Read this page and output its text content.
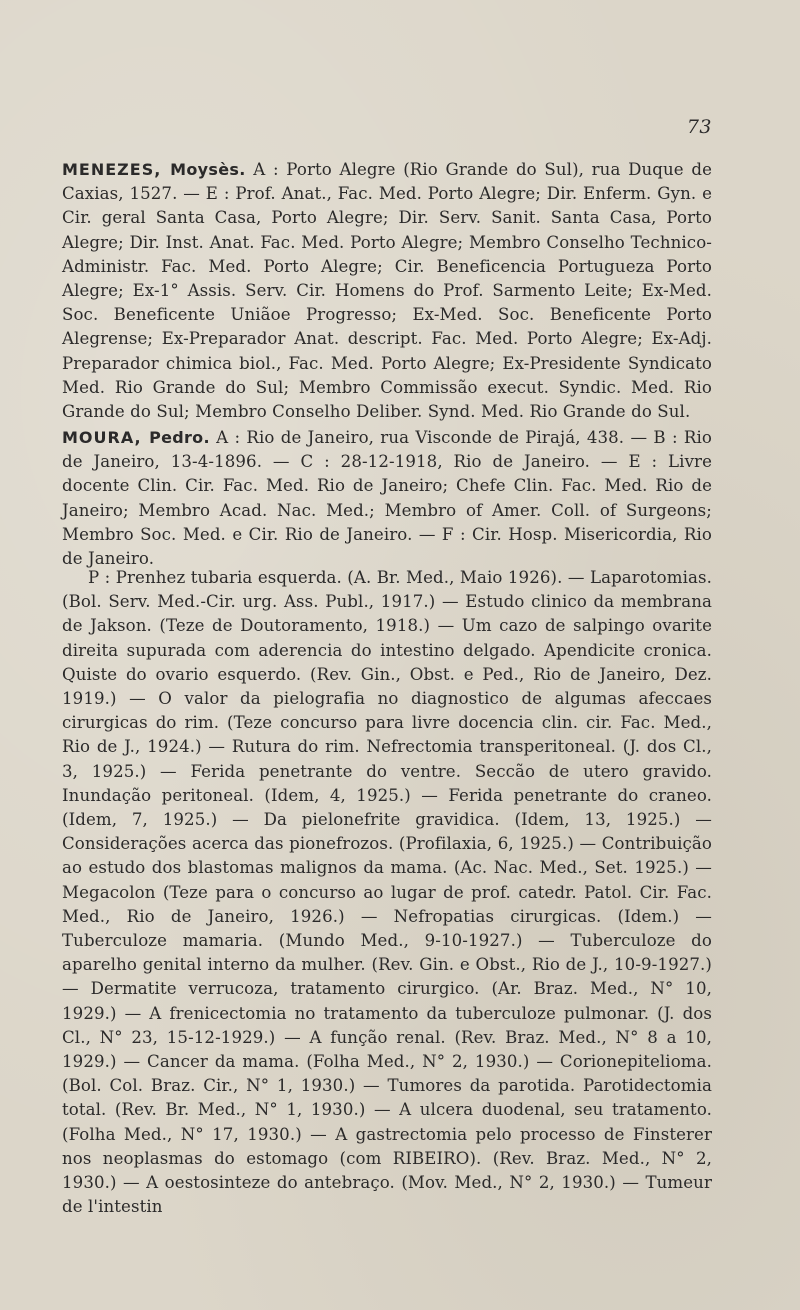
73

MENEZES, Moysès. A : Porto Alegre (Rio Grande do Sul), rua Duque de Caxias, 1527. — E : Prof. Anat., Fac. Med. Porto Alegre; Dir. Enferm. Gyn. e Cir. geral Santa Casa, Porto Alegre; Dir. Serv. Sanit. Santa Casa, Porto Alegre; Dir. Inst. Anat. Fac. Med. Porto Alegre; Membro Conselho Technico-Administr. Fac. Med. Porto Alegre; Cir. Beneficencia Portugueza Porto Alegre; Ex-1° Assis. Serv. Cir. Homens do Prof. Sarmento Leite; Ex-Med. Soc. Beneficente Uniãoe Progresso; Ex-Med. Soc. Beneficente Porto Alegrense; Ex-Preparador Anat. descript. Fac. Med. Porto Alegre; Ex-Adj. Preparador chimica biol., Fac. Med. Porto Alegre; Ex-Presidente Syndicato Med. Rio Grande do Sul; Membro Commissão execut. Syndic. Med. Rio Grande do Sul; Membro Conselho Deliber. Synd. Med. Rio Grande do Sul.

MOURA, Pedro. A : Rio de Janeiro, rua Visconde de Pirajá, 438. — B : Rio de Janeiro, 13-4-1896. — C : 28-12-1918, Rio de Janeiro. — E : Livre docente Clin. Cir. Fac. Med. Rio de Janeiro; Chefe Clin. Fac. Med. Rio de Janeiro; Membro Acad. Nac. Med.; Membro of Amer. Coll. of Surgeons; Membro Soc. Med. e Cir. Rio de Janeiro. — F : Cir. Hosp. Misericordia, Rio de Janeiro.

P : Prenhez tubaria esquerda. (A. Br. Med., Maio 1926). — Laparotomias. (Bol. Serv. Med.-Cir. urg. Ass. Publ., 1917.) — Estudo clinico da membrana de Jakson. (Teze de Doutoramento, 1918.) — Um cazo de salpingo ovarite direita supurada com aderencia do intestino delgado. Apendicite cronica. Quiste do ovario esquerdo. (Rev. Gin., Obst. e Ped., Rio de Janeiro, Dez. 1919.) — O valor da pielografia no diagnostico de algumas afeccaes cirurgicas do rim. (Teze concurso para livre docencia clin. cir. Fac. Med., Rio de J., 1924.) — Rutura do rim. Nefrectomia transperitoneal. (J. dos Cl., 3, 1925.) — Ferida penetrante do ventre. Seccão de utero gravido. Inundação peritoneal. (Idem, 4, 1925.) — Ferida penetrante do craneo. (Idem, 7, 1925.) — Da pielonefrite gravidica. (Idem, 13, 1925.) — Considerações acerca das pionefrozos. (Profilaxia, 6, 1925.) — Contribuição ao estudo dos blastomas malignos da mama. (Ac. Nac. Med., Set. 1925.) — Megacolon (Teze para o concurso ao lugar de prof. catedr. Patol. Cir. Fac. Med., Rio de Janeiro, 1926.) — Nefropatias cirurgicas. (Idem.) — Tuberculoze mamaria. (Mundo Med., 9-10-1927.) — Tuberculoze do aparelho genital interno da mulher. (Rev. Gin. e Obst., Rio de J., 10-9-1927.) — Dermatite verrucoza, tratamento cirurgico. (Ar. Braz. Med., N° 10, 1929.) — A frenicectomia no tratamento da tuberculoze pulmonar. (J. dos Cl., N° 23, 15-12-1929.) — A função renal. (Rev. Braz. Med., N° 8 a 10, 1929.) — Cancer da mama. (Folha Med., N° 2, 1930.) — Corionepitelioma. (Bol. Col. Braz. Cir., N° 1, 1930.) — Tumores da parotida. Parotidectomia total. (Rev. Br. Med., N° 1, 1930.) — A ulcera duodenal, seu tratamento. (Folha Med., N° 17, 1930.) — A gastrectomia pelo processo de Finsterer nos neoplasmas do estomago (com RIBEIRO). (Rev. Braz. Med., N° 2, 1930.) — A oestosinteze do antebraço. (Mov. Med., N° 2, 1930.) — Tumeur de l'intestin
